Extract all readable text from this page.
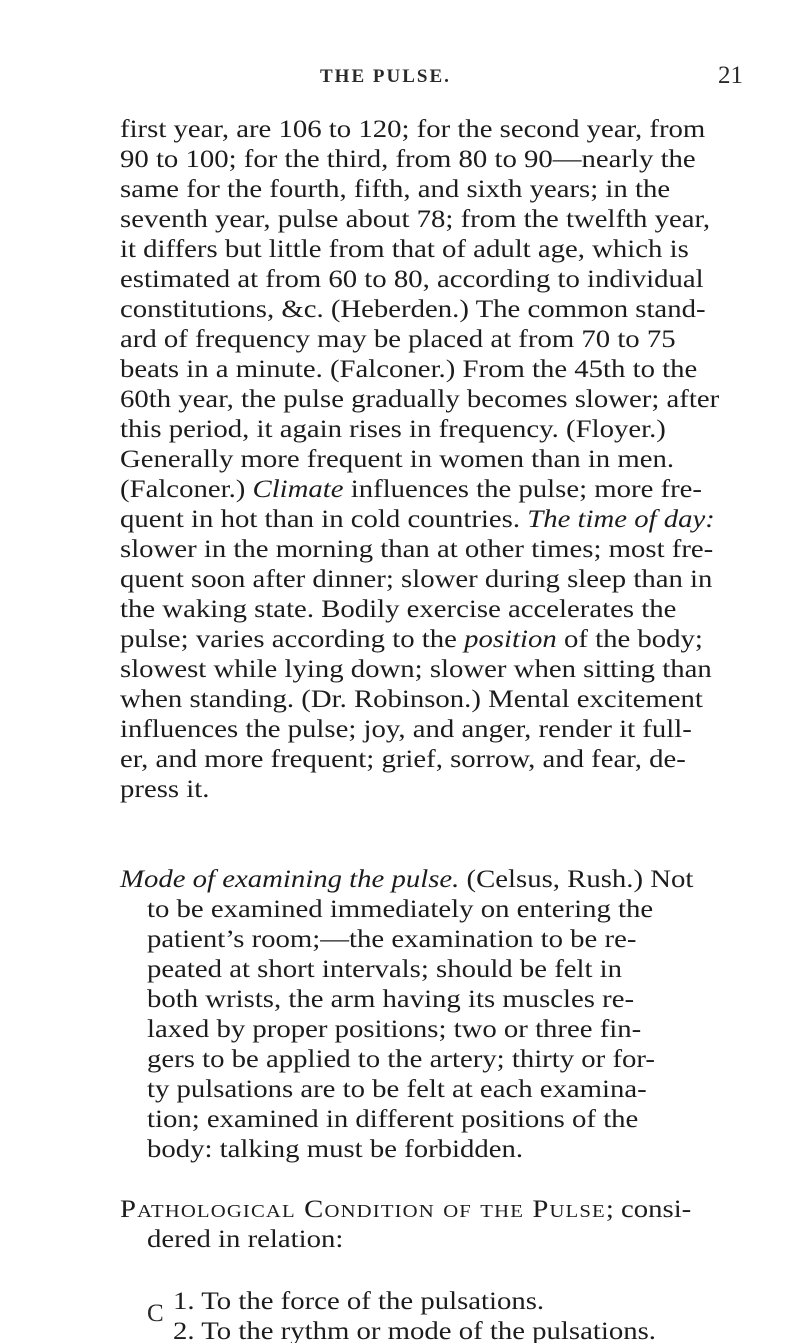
THE PULSE.	21
first year, are 106 to 120; for the second year, from
90 to 100; for the third, from 80 to 90—nearly the
same for the fourth, fifth, and sixth years; in the
seventh year, pulse about 78; from the twelfth year,
it differs but little from that of adult age, which is
estimated at from 60 to 80, according to individual
constitutions, &c. (Heberden.) The common stand-
ard of frequency may be placed at from 70 to 75
beats in a minute. (Falconer.) From the 45th to the
60th year, the pulse gradually becomes slower; after
this period, it again rises in frequency. (Floyer.)
Generally more frequent in women than in men.
(Falconer.) Climate influences the pulse; more fre-
quent in hot than in cold countries. The time of day:
slower in the morning than at other times; most fre-
quent soon after dinner; slower during sleep than in
the waking state. Bodily exercise accelerates the
pulse; varies according to the position of the body;
slowest while lying down; slower when sitting than
when standing. (Dr. Robinson.) Mental excitement
influences the pulse; joy, and anger, render it full-
er, and more frequent; grief, sorrow, and fear, de-
press it.
Mode of examining the pulse. (Celsus, Rush.) Not
to be examined immediately on entering the
patient’s room;—the examination to be re-
peated at short intervals; should be felt in
both wrists, the arm having its muscles re-
laxed by proper positions; two or three fin-
gers to be applied to the artery; thirty or for-
ty pulsations are to be felt at each examina-
tion; examined in different positions of the
body: talking must be forbidden.
Pathological Condition of the Pulse; consi-
dered in relation:
1. To the force of the pulsations.
2. To the rythm or mode of the pulsations.
C
